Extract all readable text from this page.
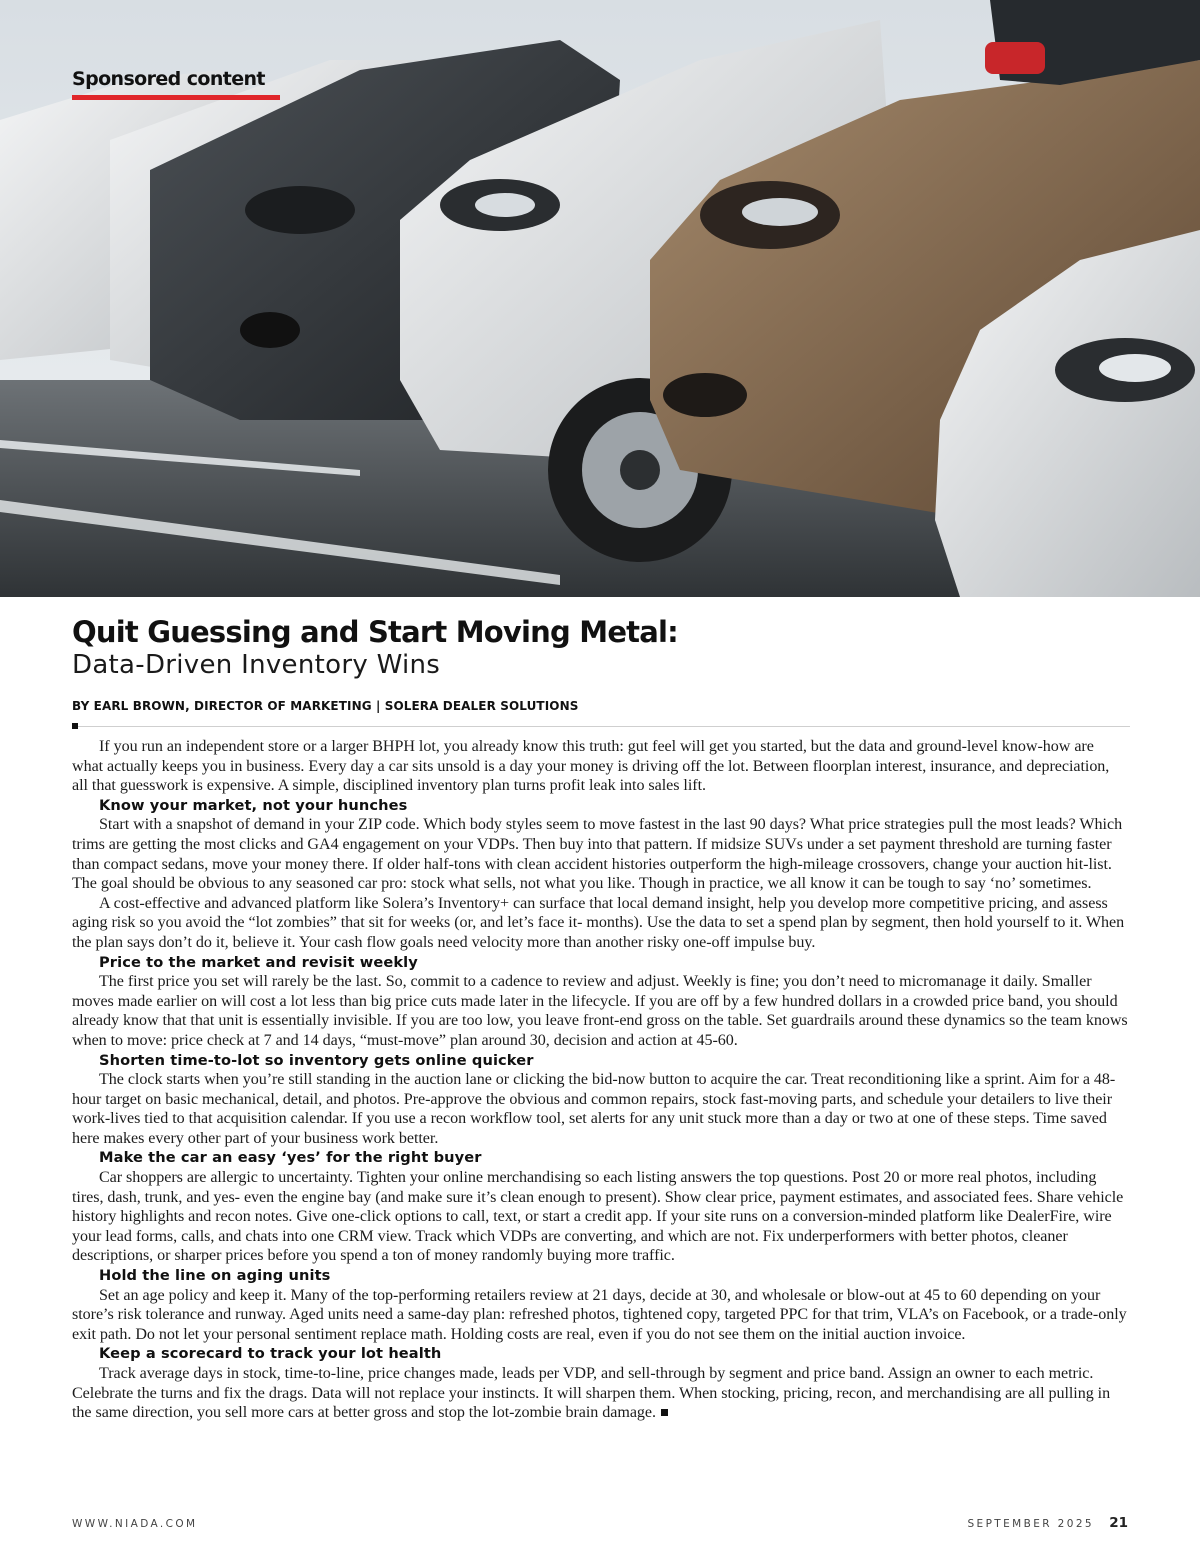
Sponsored content
Quit Guessing and Start Moving Metal:
Data-Driven Inventory Wins
BY EARL BROWN, DIRECTOR OF MARKETING | SOLERA DEALER SOLUTIONS

If you run an independent store or a larger BHPH lot, you already know this truth: gut feel will get you started, but the data and ground-level know-how are what actually keeps you in business. Every day a car sits unsold is a day your money is driving off the lot. Between floorplan interest, insurance, and depreciation, all that guesswork is expensive. A simple, disciplined inventory plan turns profit leak into sales lift.

Know your market, not your hunches

Start with a snapshot of demand in your ZIP code. Which body styles seem to move fastest in the last 90 days? What price strategies pull the most leads? Which trims are getting the most clicks and GA4 engagement on your VDPs. Then buy into that pattern. If midsize SUVs under a set payment threshold are turning faster than compact sedans, move your money there. If older half-tons with clean accident histories outperform the high-mileage crossovers, change your auction hit-list. The goal should be obvious to any seasoned car pro: stock what sells, not what you like. Though in practice, we all know it can be tough to say ‘no’ sometimes.

A cost-effective and advanced platform like Solera’s Inventory+ can surface that local demand insight, help you develop more competitive pricing, and assess aging risk so you avoid the “lot zombies” that sit for weeks (or, and let’s face it- months). Use the data to set a spend plan by segment, then hold yourself to it. When the plan says don’t do it, believe it. Your cash flow goals need velocity more than another risky one-off impulse buy.

Price to the market and revisit weekly

The first price you set will rarely be the last. So, commit to a cadence to review and adjust. Weekly is fine; you don’t need to micromanage it daily. Smaller moves made earlier on will cost a lot less than big price cuts made later in the lifecycle. If you are off by a few hundred dollars in a crowded price band, you should already know that that unit is essentially invisible. If you are too low, you leave front-end gross on the table. Set guardrails around these dynamics so the team knows when to move: price check at 7 and 14 days, “must-move” plan around 30, decision and action at 45-60.

Shorten time-to-lot so inventory gets online quicker

The clock starts when you’re still standing in the auction lane or clicking the bid-now button to acquire the car. Treat reconditioning like a sprint. Aim for a 48-hour target on basic mechanical, detail, and photos. Pre-approve the obvious and common repairs, stock fast-moving parts, and schedule your detailers to live their work-lives tied to that acquisition calendar. If you use a recon workflow tool, set alerts for any unit stuck more than a day or two at one of these steps. Time saved here makes every other part of your business work better.

Make the car an easy ‘yes’ for the right buyer

Car shoppers are allergic to uncertainty. Tighten your online merchandising so each listing answers the top questions. Post 20 or more real photos, including tires, dash, trunk, and yes- even the engine bay (and make sure it’s clean enough to present). Show clear price, payment estimates, and associated fees. Share vehicle history highlights and recon notes. Give one-click options to call, text, or start a credit app. If your site runs on a conversion-minded platform like DealerFire, wire your lead forms, calls, and chats into one CRM view. Track which VDPs are converting, and which are not. Fix underperformers with better photos, cleaner descriptions, or sharper prices before you spend a ton of money randomly buying more traffic.

Hold the line on aging units

Set an age policy and keep it. Many of the top-performing retailers review at 21 days, decide at 30, and wholesale or blow-out at 45 to 60 depending on your store’s risk tolerance and runway. Aged units need a same-day plan: refreshed photos, tightened copy, targeted PPC for that trim, VLA’s on Facebook, or a trade-only exit path. Do not let your personal sentiment replace math. Holding costs are real, even if you do not see them on the initial auction invoice.

Keep a scorecard to track your lot health

Track average days in stock, time-to-line, price changes made, leads per VDP, and sell-through by segment and price band. Assign an owner to each metric. Celebrate the turns and fix the drags. Data will not replace your instincts. It will sharpen them. When stocking, pricing, recon, and merchandising are all pulling in the same direction, you sell more cars at better gross and stop the lot-zombie brain damage.

WWW.NIADA.COM	SEPTEMBER 2025 21
